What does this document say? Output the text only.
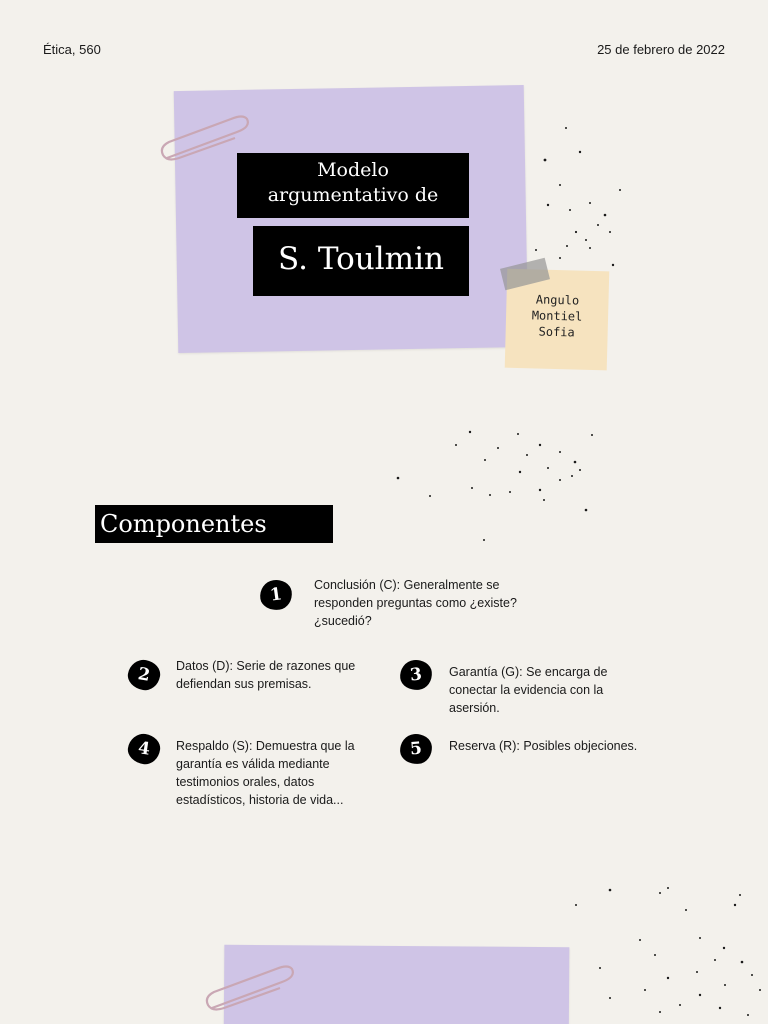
Ética, 560	25 de febrero de 2022
Modelo
argumentativo de
S. Toulmin
Angulo
Montiel
Sofia
Componentes
1	Conclusión (C): Generalmente se responden preguntas como ¿existe? ¿sucedió?
2	Datos (D): Serie de razones que defiendan sus premisas.	3	Garantía (G): Se encarga de conectar la evidencia con la asersión.
4	Respaldo (S): Demuestra que la garantía es válida mediante testimonios orales, datos estadísticos, historia de vida...
5	Reserva (R): Posibles objeciones.
